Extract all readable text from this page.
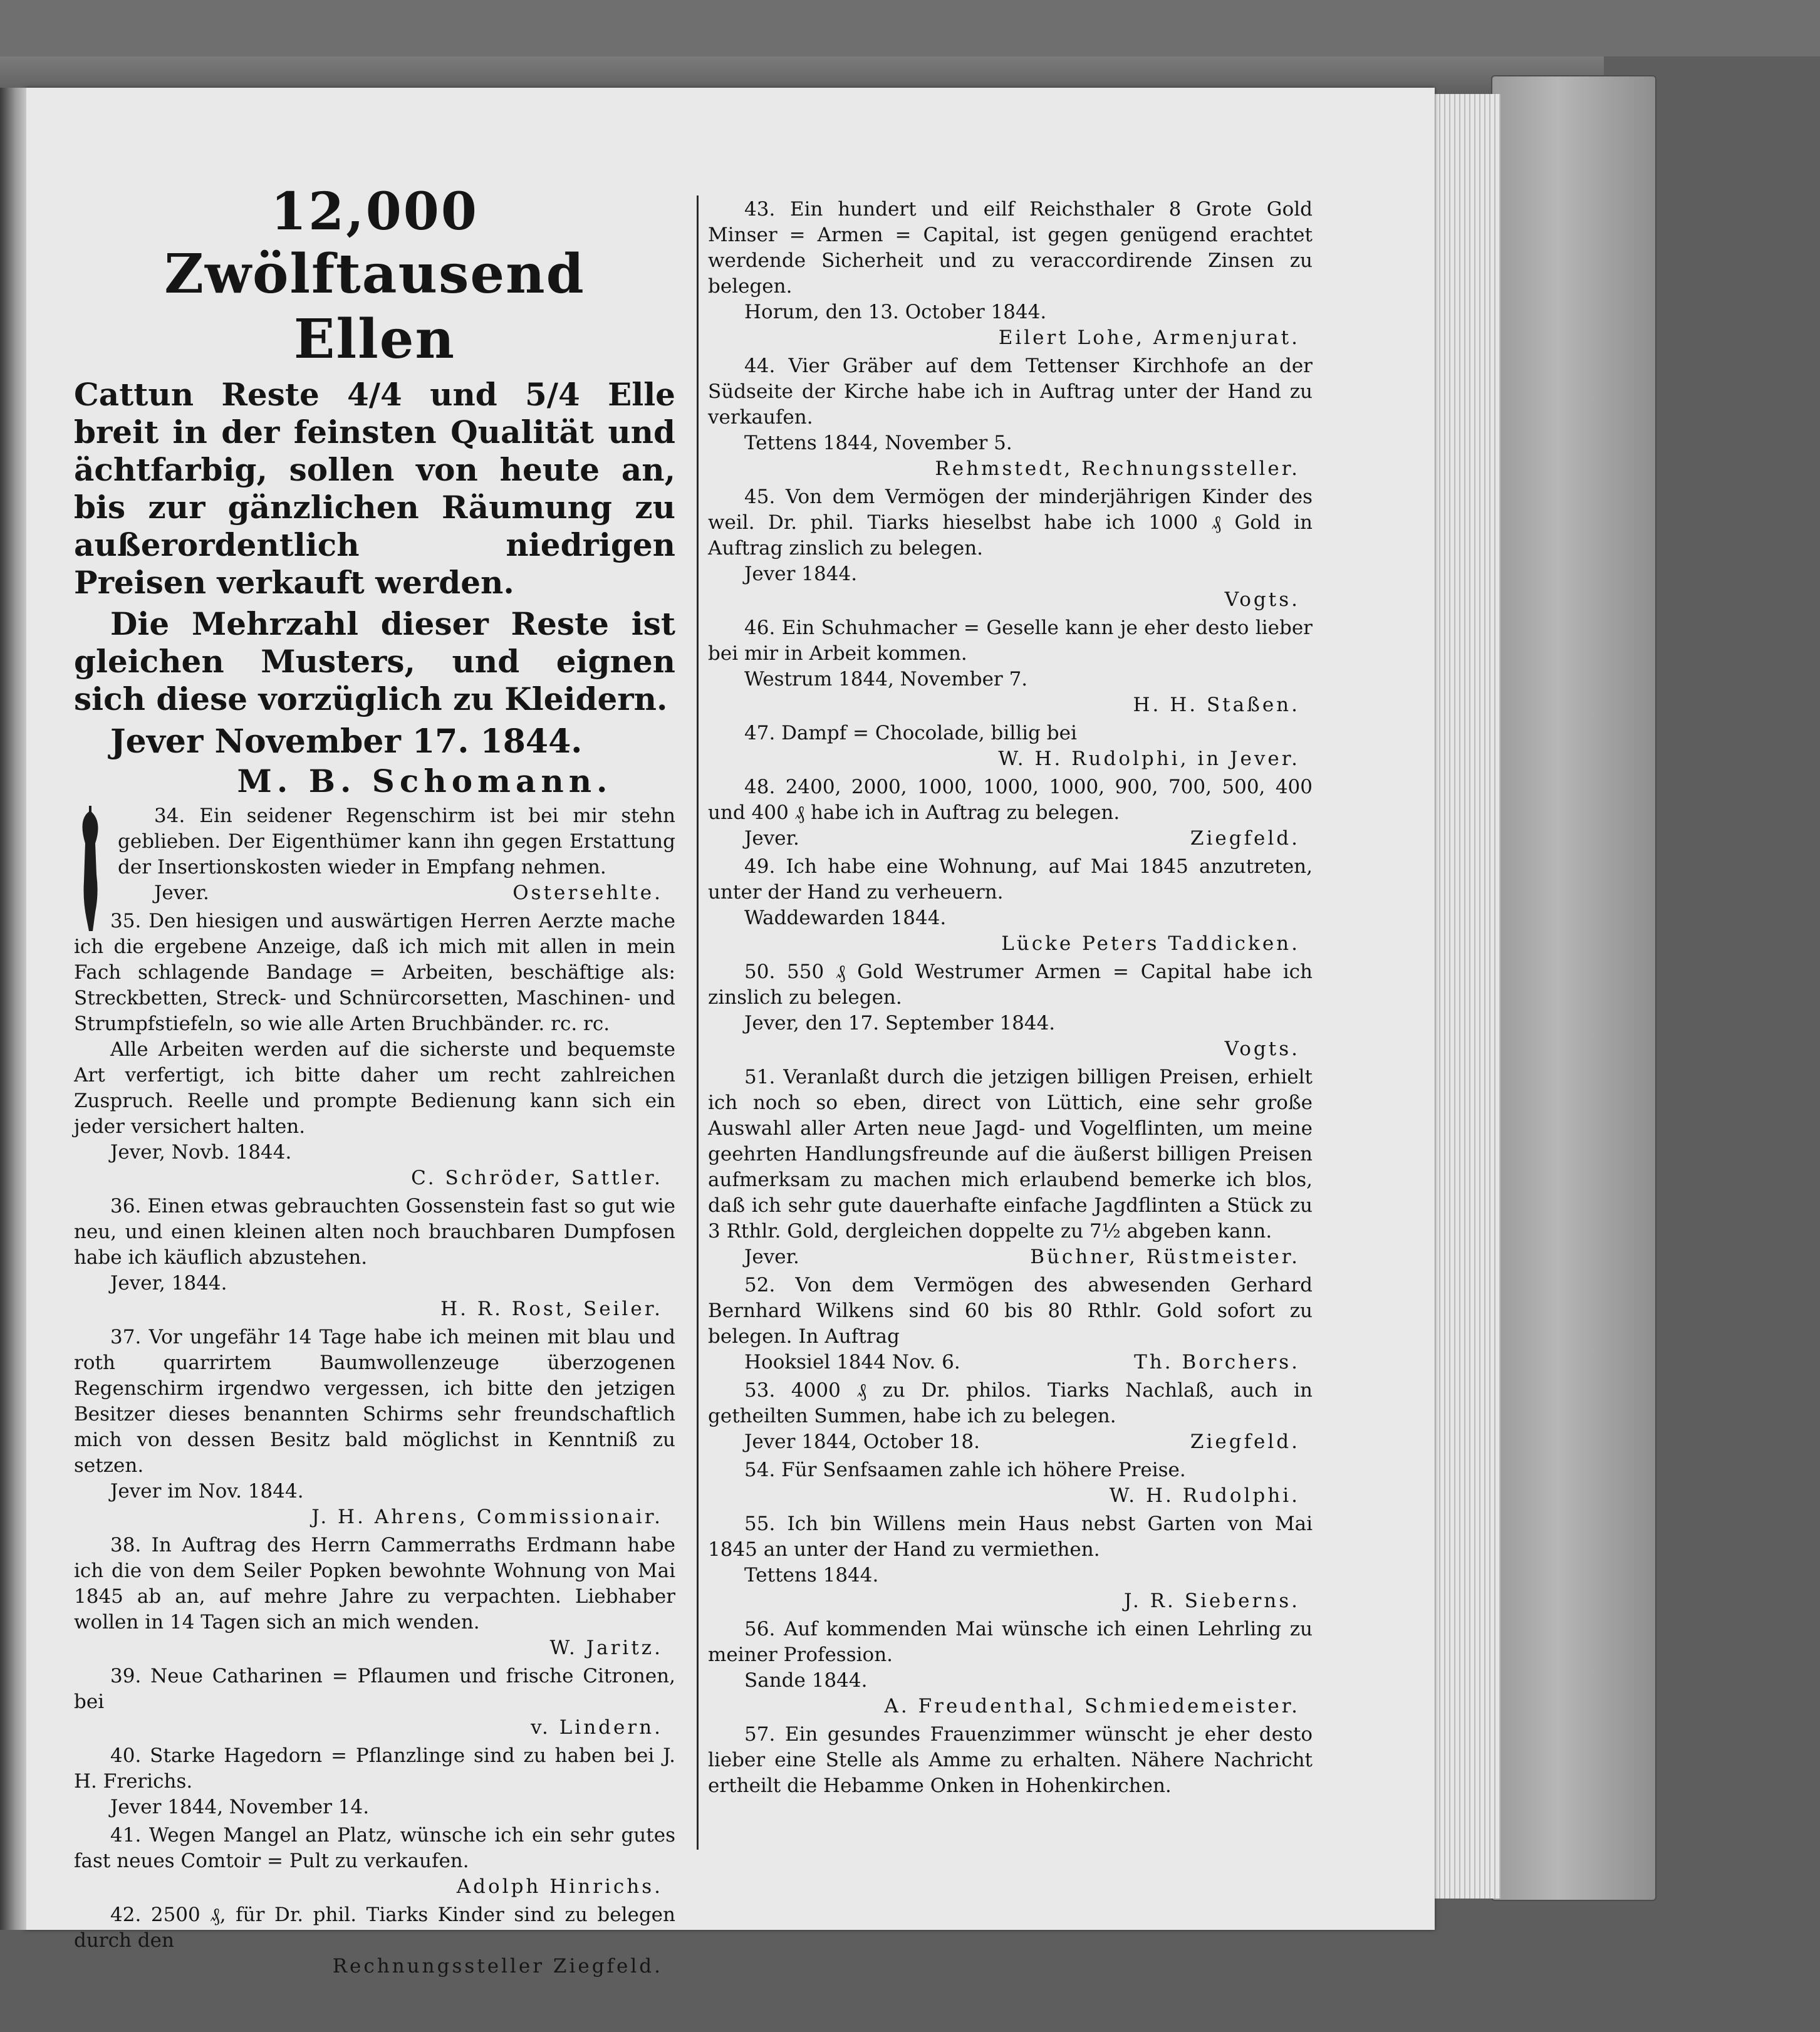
12,000
Zwölftausend Ellen
Cattun Reste 4/4 und 5/4 Elle breit in der feinsten Qualität und ächtfarbig, sollen von heute an, bis zur gänzlichen Räumung zu außerordentlich niedrigen Preisen verkauft werden.
Die Mehrzahl dieser Reste ist gleichen Musters, und eignen sich diese vorzüglich zu Kleidern.
Jever November 17. 1844.
M. B. Schomann.
34. Ein seidener Regenschirm ist bei mir stehn geblieben. Der Eigenthümer kann ihn gegen Erstattung der Insertionskosten wieder in Empfang nehmen.
Jever.	Ostersehlte.
35. Den hiesigen und auswärtigen Herren Aerzte mache ich die ergebene Anzeige, daß ich mich mit allen in mein Fach schlagende Bandage = Arbeiten, beschäftige als: Streckbetten, Streck- und Schnürcorsetten, Maschinen- und Strumpfstiefeln, so wie alle Arten Bruchbänder. rc. rc.
Alle Arbeiten werden auf die sicherste und bequemste Art verfertigt, ich bitte daher um recht zahlreichen Zuspruch. Reelle und prompte Bedienung kann sich ein jeder versichert halten.
Jever, Novb. 1844.
C. Schröder, Sattler.
36. Einen etwas gebrauchten Gossenstein fast so gut wie neu, und einen kleinen alten noch brauchbaren Dumpfosen habe ich käuflich abzustehen.
Jever, 1844.
H. R. Rost, Seiler.
37. Vor ungefähr 14 Tage habe ich meinen mit blau und roth quarrirtem Baumwollenzeuge überzogenen Regenschirm irgendwo vergessen, ich bitte den jetzigen Besitzer dieses benannten Schirms sehr freundschaftlich mich von dessen Besitz bald möglichst in Kenntniß zu setzen.
Jever im Nov. 1844.
J. H. Ahrens, Commissionair.
38. In Auftrag des Herrn Cammerraths Erdmann habe ich die von dem Seiler Popken bewohnte Wohnung von Mai 1845 ab an, auf mehre Jahre zu verpachten. Liebhaber wollen in 14 Tagen sich an mich wenden.
W. Jaritz.
39. Neue Catharinen = Pflaumen und frische Citronen, bei
v. Lindern.
40. Starke Hagedorn = Pflanzlinge sind zu haben bei J. H. Frerichs.
Jever 1844, November 14.
41. Wegen Mangel an Platz, wünsche ich ein sehr gutes fast neues Comtoir = Pult zu verkaufen.
Adolph Hinrichs.
42. 2500 ₰, für Dr. phil. Tiarks Kinder sind zu belegen durch den
Rechnungssteller Ziegfeld.
43. Ein hundert und eilf Reichsthaler 8 Grote Gold Minser = Armen = Capital, ist gegen genügend erachtet werdende Sicherheit und zu veraccordirende Zinsen zu belegen.
Horum, den 13. October 1844.
Eilert Lohe, Armenjurat.
44. Vier Gräber auf dem Tettenser Kirchhofe an der Südseite der Kirche habe ich in Auftrag unter der Hand zu verkaufen.
Tettens 1844, November 5.
Rehmstedt, Rechnungssteller.
45. Von dem Vermögen der minderjährigen Kinder des weil. Dr. phil. Tiarks hieselbst habe ich 1000 ₰ Gold in Auftrag zinslich zu belegen.
Jever 1844.
Vogts.
46. Ein Schuhmacher = Geselle kann je eher desto lieber bei mir in Arbeit kommen.
Westrum 1844, November 7.
H. H. Staßen.
47. Dampf = Chocolade, billig bei
W. H. Rudolphi, in Jever.
48. 2400, 2000, 1000, 1000, 1000, 900, 700, 500, 400 und 400 ₰ habe ich in Auftrag zu belegen.
Jever.	Ziegfeld.
49. Ich habe eine Wohnung, auf Mai 1845 anzutreten, unter der Hand zu verheuern.
Waddewarden 1844.
Lücke Peters Taddicken.
50. 550 ₰ Gold Westrumer Armen = Capital habe ich zinslich zu belegen.
Jever, den 17. September 1844.
Vogts.
51. Veranlaßt durch die jetzigen billigen Preisen, erhielt ich noch so eben, direct von Lüttich, eine sehr große Auswahl aller Arten neue Jagd- und Vogelflinten, um meine geehrten Handlungsfreunde auf die äußerst billigen Preisen aufmerksam zu machen mich erlaubend bemerke ich blos, daß ich sehr gute dauerhafte einfache Jagdflinten a Stück zu 3 Rthlr. Gold, dergleichen doppelte zu 7½ abgeben kann.
Jever.	Büchner, Rüstmeister.
52. Von dem Vermögen des abwesenden Gerhard Bernhard Wilkens sind 60 bis 80 Rthlr. Gold sofort zu belegen. In Auftrag
Hooksiel 1844 Nov. 6.	Th. Borchers.
53. 4000 ₰ zu Dr. philos. Tiarks Nachlaß, auch in getheilten Summen, habe ich zu belegen.
Jever 1844, October 18.	Ziegfeld.
54. Für Senfsaamen zahle ich höhere Preise.
W. H. Rudolphi.
55. Ich bin Willens mein Haus nebst Garten von Mai 1845 an unter der Hand zu vermiethen.
Tettens 1844.
J. R. Sieberns.
56. Auf kommenden Mai wünsche ich einen Lehrling zu meiner Profession.
Sande 1844.
A. Freudenthal, Schmiedemeister.
57. Ein gesundes Frauenzimmer wünscht je eher desto lieber eine Stelle als Amme zu erhalten. Nähere Nachricht ertheilt die Hebamme Onken in Hohenkirchen.
